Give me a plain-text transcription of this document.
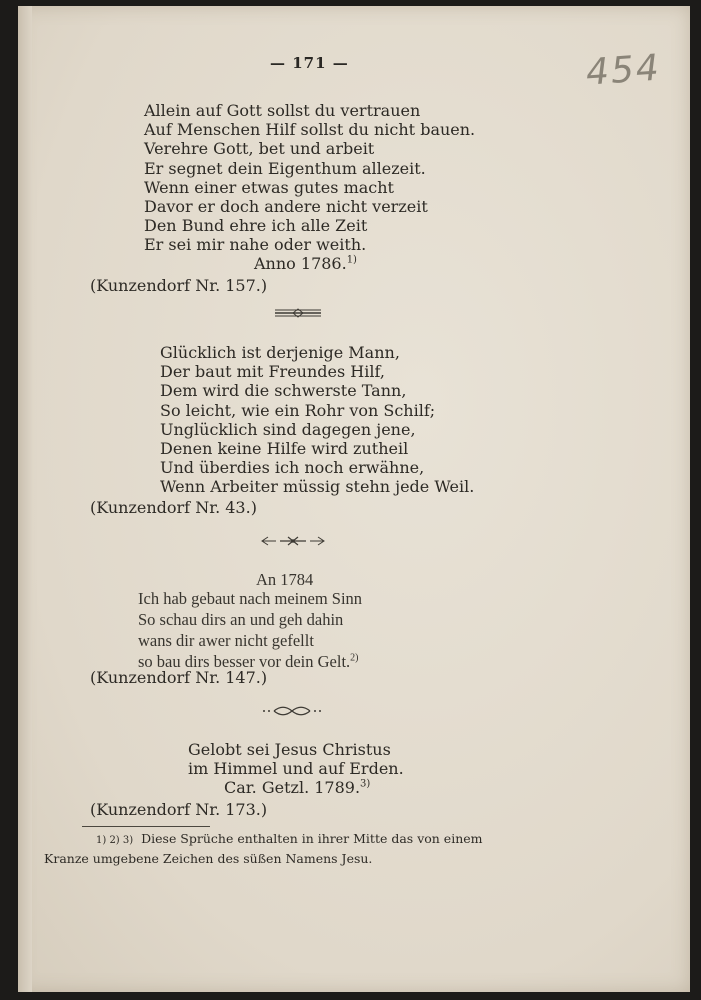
— 171 —	454
Allein auf Gott sollst du vertrauen
Auf Menschen Hilf sollst du nicht bauen.
Verehre Gott, bet und arbeit
Er segnet dein Eigenthum allezeit.
Wenn einer etwas gutes macht
Davor er doch andere nicht verzeit
Den Bund ehre ich alle Zeit
Er sei mir nahe oder weith.
Anno 1786.$^{1)}$
(Kunzendorf Nr. 157.)
Glücklich ist derjenige Mann,
Der baut mit Freundes Hilf,
Dem wird die schwerste Tann,
So leicht, wie ein Rohr von Schilf;
Unglücklich sind dagegen jene,
Denen keine Hilfe wird zutheil
Und überdies ich noch erwähne,
Wenn Arbeiter müssig stehn jede Weil.
(Kunzendorf Nr. 43.)
An 1784
Ich hab gebaut nach meinem Sinn
So schau dirs an und geh dahin
wans dir awer nicht gefellt
so bau dirs besser vor dein Gelt.$^{2)}$
(Kunzendorf Nr. 147.)
Gelobt sei Jesus Christus
im Himmel und auf Erden.
Car. Getzl. 1789.$^{3)}$
(Kunzendorf Nr. 173.)
1) 2) 3) Diese Sprüche enthalten in ihrer Mitte das von einem
Kranze umgebene Zeichen des süßen Namens Jesu.
